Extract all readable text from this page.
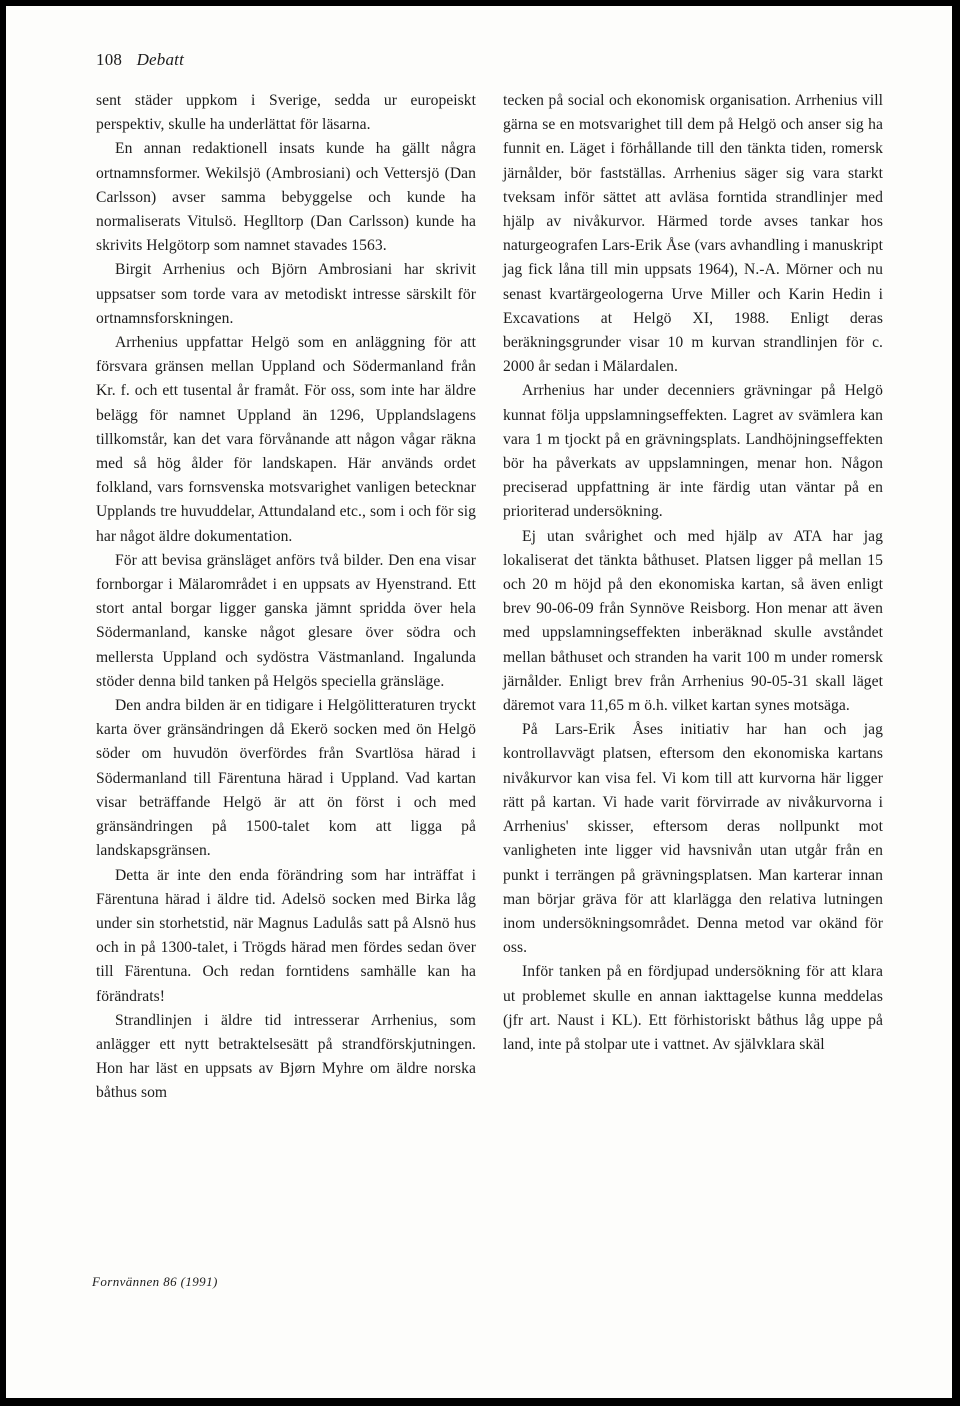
108 Debatt

sent städer uppkom i Sverige, sedda ur europeiskt perspektiv, skulle ha underlättat för läsarna.

En annan redaktionell insats kunde ha gällt några ortnamnsformer. Wekilsjö (Ambrosiani) och Vettersjö (Dan Carlsson) avser samma bebyggelse och kunde ha normaliserats Vitulsö. Heglltorp (Dan Carlsson) kunde ha skrivits Helgötorp som namnet stavades 1563.

Birgit Arrhenius och Björn Ambrosiani har skrivit uppsatser som torde vara av metodiskt intresse särskilt för ortnamnsforskningen.

Arrhenius uppfattar Helgö som en anläggning för att försvara gränsen mellan Uppland och Södermanland från Kr. f. och ett tusental år framåt. För oss, som inte har äldre belägg för namnet Uppland än 1296, Upplandslagens tillkomstår, kan det vara förvånande att någon vågar räkna med så hög ålder för landskapen. Här används ordet folkland, vars fornsvenska motsvarighet vanligen betecknar Upplands tre huvuddelar, Attundaland etc., som i och för sig har något äldre dokumentation.

För att bevisa gränsläget anförs två bilder. Den ena visar fornborgar i Mälarområdet i en uppsats av Hyenstrand. Ett stort antal borgar ligger ganska jämnt spridda över hela Södermanland, kanske något glesare över södra och mellersta Uppland och sydöstra Västmanland. Ingalunda stöder denna bild tanken på Helgös speciella gränsläge.

Den andra bilden är en tidigare i Helgölitteraturen tryckt karta över gränsändringen då Ekerö socken med ön Helgö söder om huvudön överfördes från Svartlösa härad i Södermanland till Färentuna härad i Uppland. Vad kartan visar beträffande Helgö är att ön först i och med gränsändringen på 1500-talet kom att ligga på landskapsgränsen.

Detta är inte den enda förändring som har inträffat i Färentuna härad i äldre tid. Adelsö socken med Birka låg under sin storhetstid, när Magnus Ladulås satt på Alsnö hus och in på 1300-talet, i Trögds härad men fördes sedan över till Färentuna. Och redan forntidens samhälle kan ha förändrats!

Strandlinjen i äldre tid intresserar Arrhenius, som anlägger ett nytt betraktelsesätt på strandförskjutningen. Hon har läst en uppsats av Bjørn Myhre om äldre norska båthus som

tecken på social och ekonomisk organisation. Arrhenius vill gärna se en motsvarighet till dem på Helgö och anser sig ha funnit en. Läget i förhållande till den tänkta tiden, romersk järnålder, bör fastställas. Arrhenius säger sig vara starkt tveksam inför sättet att avläsa forntida strandlinjer med hjälp av nivåkurvor. Härmed torde avses tankar hos naturgeografen Lars-Erik Åse (vars avhandling i manuskript jag fick låna till min uppsats 1964), N.-A. Mörner och nu senast kvartärgeologerna Urve Miller och Karin Hedin i Excavations at Helgö XI, 1988. Enligt deras beräkningsgrunder visar 10 m kurvan strandlinjen för c. 2000 år sedan i Mälardalen.

Arrhenius har under decenniers grävningar på Helgö kunnat följa uppslamningseffekten. Lagret av svämlera kan vara 1 m tjockt på en grävningsplats. Landhöjningseffekten bör ha påverkats av uppslamningen, menar hon. Någon preciserad uppfattning är inte färdig utan väntar på en prioriterad undersökning.

Ej utan svårighet och med hjälp av ATA har jag lokaliserat det tänkta båthuset. Platsen ligger på mellan 15 och 20 m höjd på den ekonomiska kartan, så även enligt brev 90-06-09 från Synnöve Reisborg. Hon menar att även med uppslamningseffekten inberäknad skulle avståndet mellan båthuset och stranden ha varit 100 m under romersk järnålder. Enligt brev från Arrhenius 90-05-31 skall läget däremot vara 11,65 m ö.h. vilket kartan synes motsäga.

På Lars-Erik Åses initiativ har han och jag kontrollavvägt platsen, eftersom den ekonomiska kartans nivåkurvor kan visa fel. Vi kom till att kurvorna här ligger rätt på kartan. Vi hade varit förvirrade av nivåkurvorna i Arrhenius' skisser, eftersom deras nollpunkt mot vanligheten inte ligger vid havsnivån utan utgår från en punkt i terrängen på grävningsplatsen. Man karterar innan man börjar gräva för att klarlägga den relativa lutningen inom undersökningsområdet. Denna metod var okänd för oss.

Inför tanken på en fördjupad undersökning för att klara ut problemet skulle en annan iakttagelse kunna meddelas (jfr art. Naust i KL). Ett förhistoriskt båthus låg uppe på land, inte på stolpar ute i vattnet. Av självklara skäl

Fornvännen 86 (1991)
